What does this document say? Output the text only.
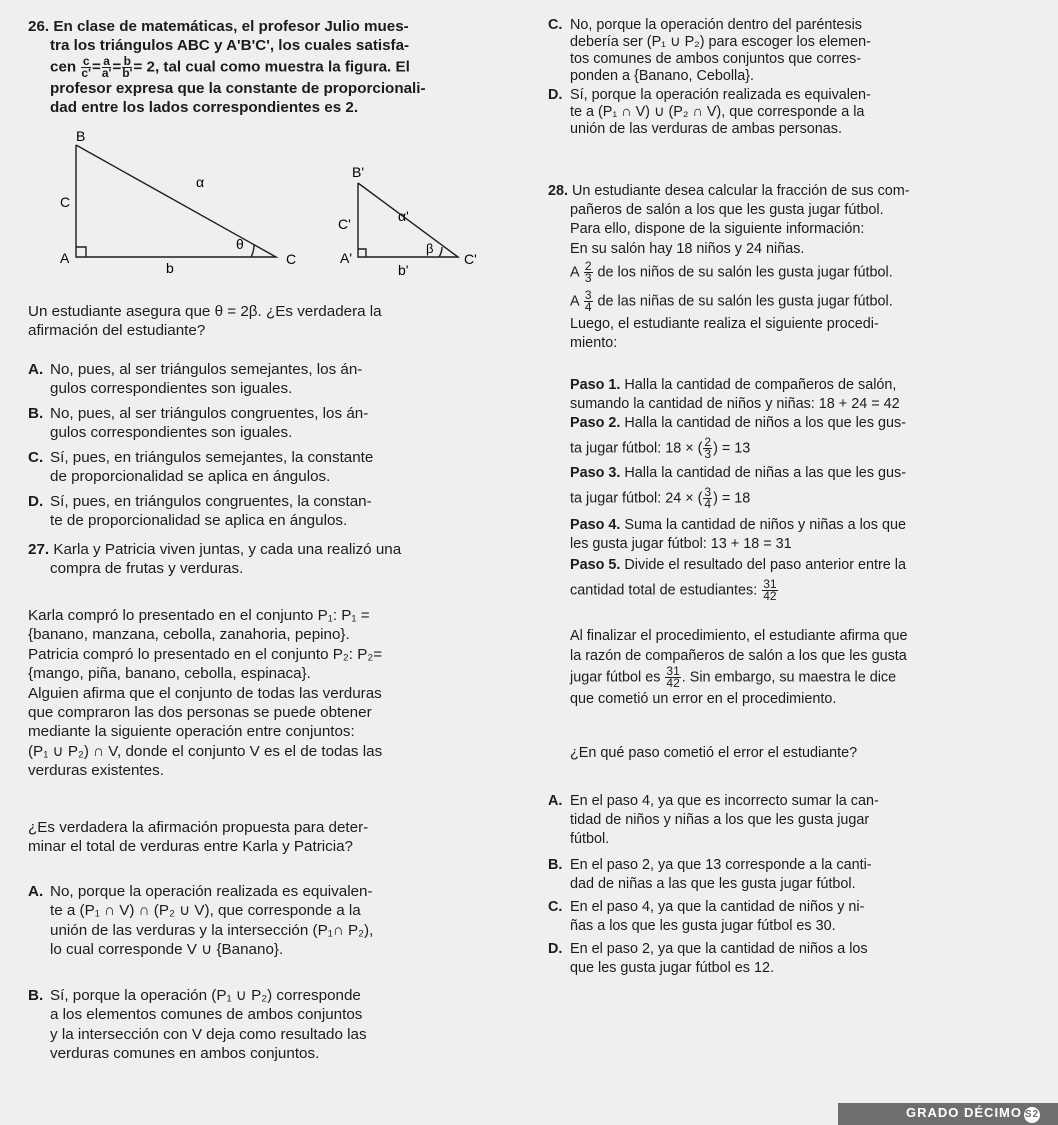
26. En clase de matemáticas, el profesor Julio mues-

tra los triángulos ABC y A'B'C', los cuales satisfa-

cen $\frac{c}{c'} = \frac{a}{a'} = \frac{b}{b'} = 2$, tal cual como muestra la figura. El

profesor expresa que la constante de proporcionali-

dad entre los lados correspondientes es 2.

B
C
α
θ
A	C
b
B'
C'	α'
β
A'	C'
b'

Un estudiante asegura que θ = 2β. ¿Es verdadera la

afirmación del estudiante?

A. No, pues, al ser triángulos semejantes, los án-

gulos correspondientes son iguales.

B. No, pues, al ser triángulos congruentes, los án-

gulos correspondientes son iguales.

C. Sí, pues, en triángulos semejantes, la constante

de proporcionalidad se aplica en ángulos.

D. Sí, pues, en triángulos congruentes, la constan-

te de proporcionalidad se aplica en ángulos.

27. Karla y Patricia viven juntas, y cada una realizó una

compra de frutas y verduras.

Karla compró lo presentado en el conjunto P₁: P₁ =

{banano, manzana, cebolla, zanahoria, pepino}.

Patricia compró lo presentado en el conjunto P₂: P₂=

{mango, piña, banano, cebolla, espinaca}.

Alguien afirma que el conjunto de todas las verduras

que compraron las dos personas se puede obtener

mediante la siguiente operación entre conjuntos:

(P₁ ∪ P₂) ∩ V, donde el conjunto V es el de todas las

verduras existentes.

¿Es verdadera la afirmación propuesta para deter-

minar el total de verduras entre Karla y Patricia?

A. No, porque la operación realizada es equivalen-

te a (P₁ ∩ V) ∩ (P₂ ∪ V), que corresponde a la

unión de las verduras y la intersección (P₁∩ P₂),

lo cual corresponde V ∪ {Banano}.

B. Sí, porque la operación (P₁ ∪ P₂) corresponde

a los elementos comunes de ambos conjuntos

y la intersección con V deja como resultado las

verduras comunes en ambos conjuntos.

C. No, porque la operación dentro del paréntesis

debería ser (P₁ ∪ P₂) para escoger los elemen-

tos comunes de ambos conjuntos que corres-

ponden a {Banano, Cebolla}.

D. Sí, porque la operación realizada es equivalen-

te a (P₁ ∩ V) ∪ (P₂ ∩ V), que corresponde a la

unión de las verduras de ambas personas.

28. Un estudiante desea calcular la fracción de sus com-

pañeros de salón a los que les gusta jugar fútbol.

Para ello, dispone de la siguiente información:

En su salón hay 18 niños y 24 niñas.

A $\frac{2}{3}$ de los niños de su salón les gusta jugar fútbol.

A $\frac{3}{4}$ de las niñas de su salón les gusta jugar fútbol.

Luego, el estudiante realiza el siguiente procedi-

miento:

Paso 1. Halla la cantidad de compañeros de salón,

sumando la cantidad de niños y niñas: 18 + 24 = 42

Paso 2. Halla la cantidad de niños a los que les gus-

ta jugar fútbol: 18 × ( $\frac{2}{3}$ ) = 13

Paso 3. Halla la cantidad de niñas a las que les gus-

ta jugar fútbol: 24 × ( $\frac{3}{4}$ ) = 18

Paso 4. Suma la cantidad de niños y niñas a los que

les gusta jugar fútbol: 13 + 18 = 31

Paso 5. Divide el resultado del paso anterior entre la

cantidad total de estudiantes: $\frac{31}{42}$

Al finalizar el procedimiento, el estudiante afirma que

la razón de compañeros de salón a los que les gusta

jugar fútbol es $\frac{31}{42}$ . Sin embargo, su maestra le dice

que cometió un error en el procedimiento.

¿En qué paso cometió el error el estudiante?

A. En el paso 4, ya que es incorrecto sumar la can-

tidad de niños y niñas a los que les gusta jugar

fútbol.

B. En el paso 2, ya que 13 corresponde a la canti-

dad de niñas a las que les gusta jugar fútbol.

C. En el paso 4, ya que la cantidad de niños y ni-

ñas a los que les gusta jugar fútbol es 30.

D. En el paso 2, ya que la cantidad de niños a los

que les gusta jugar fútbol es 12.

GRADO DÉCIMO S2
